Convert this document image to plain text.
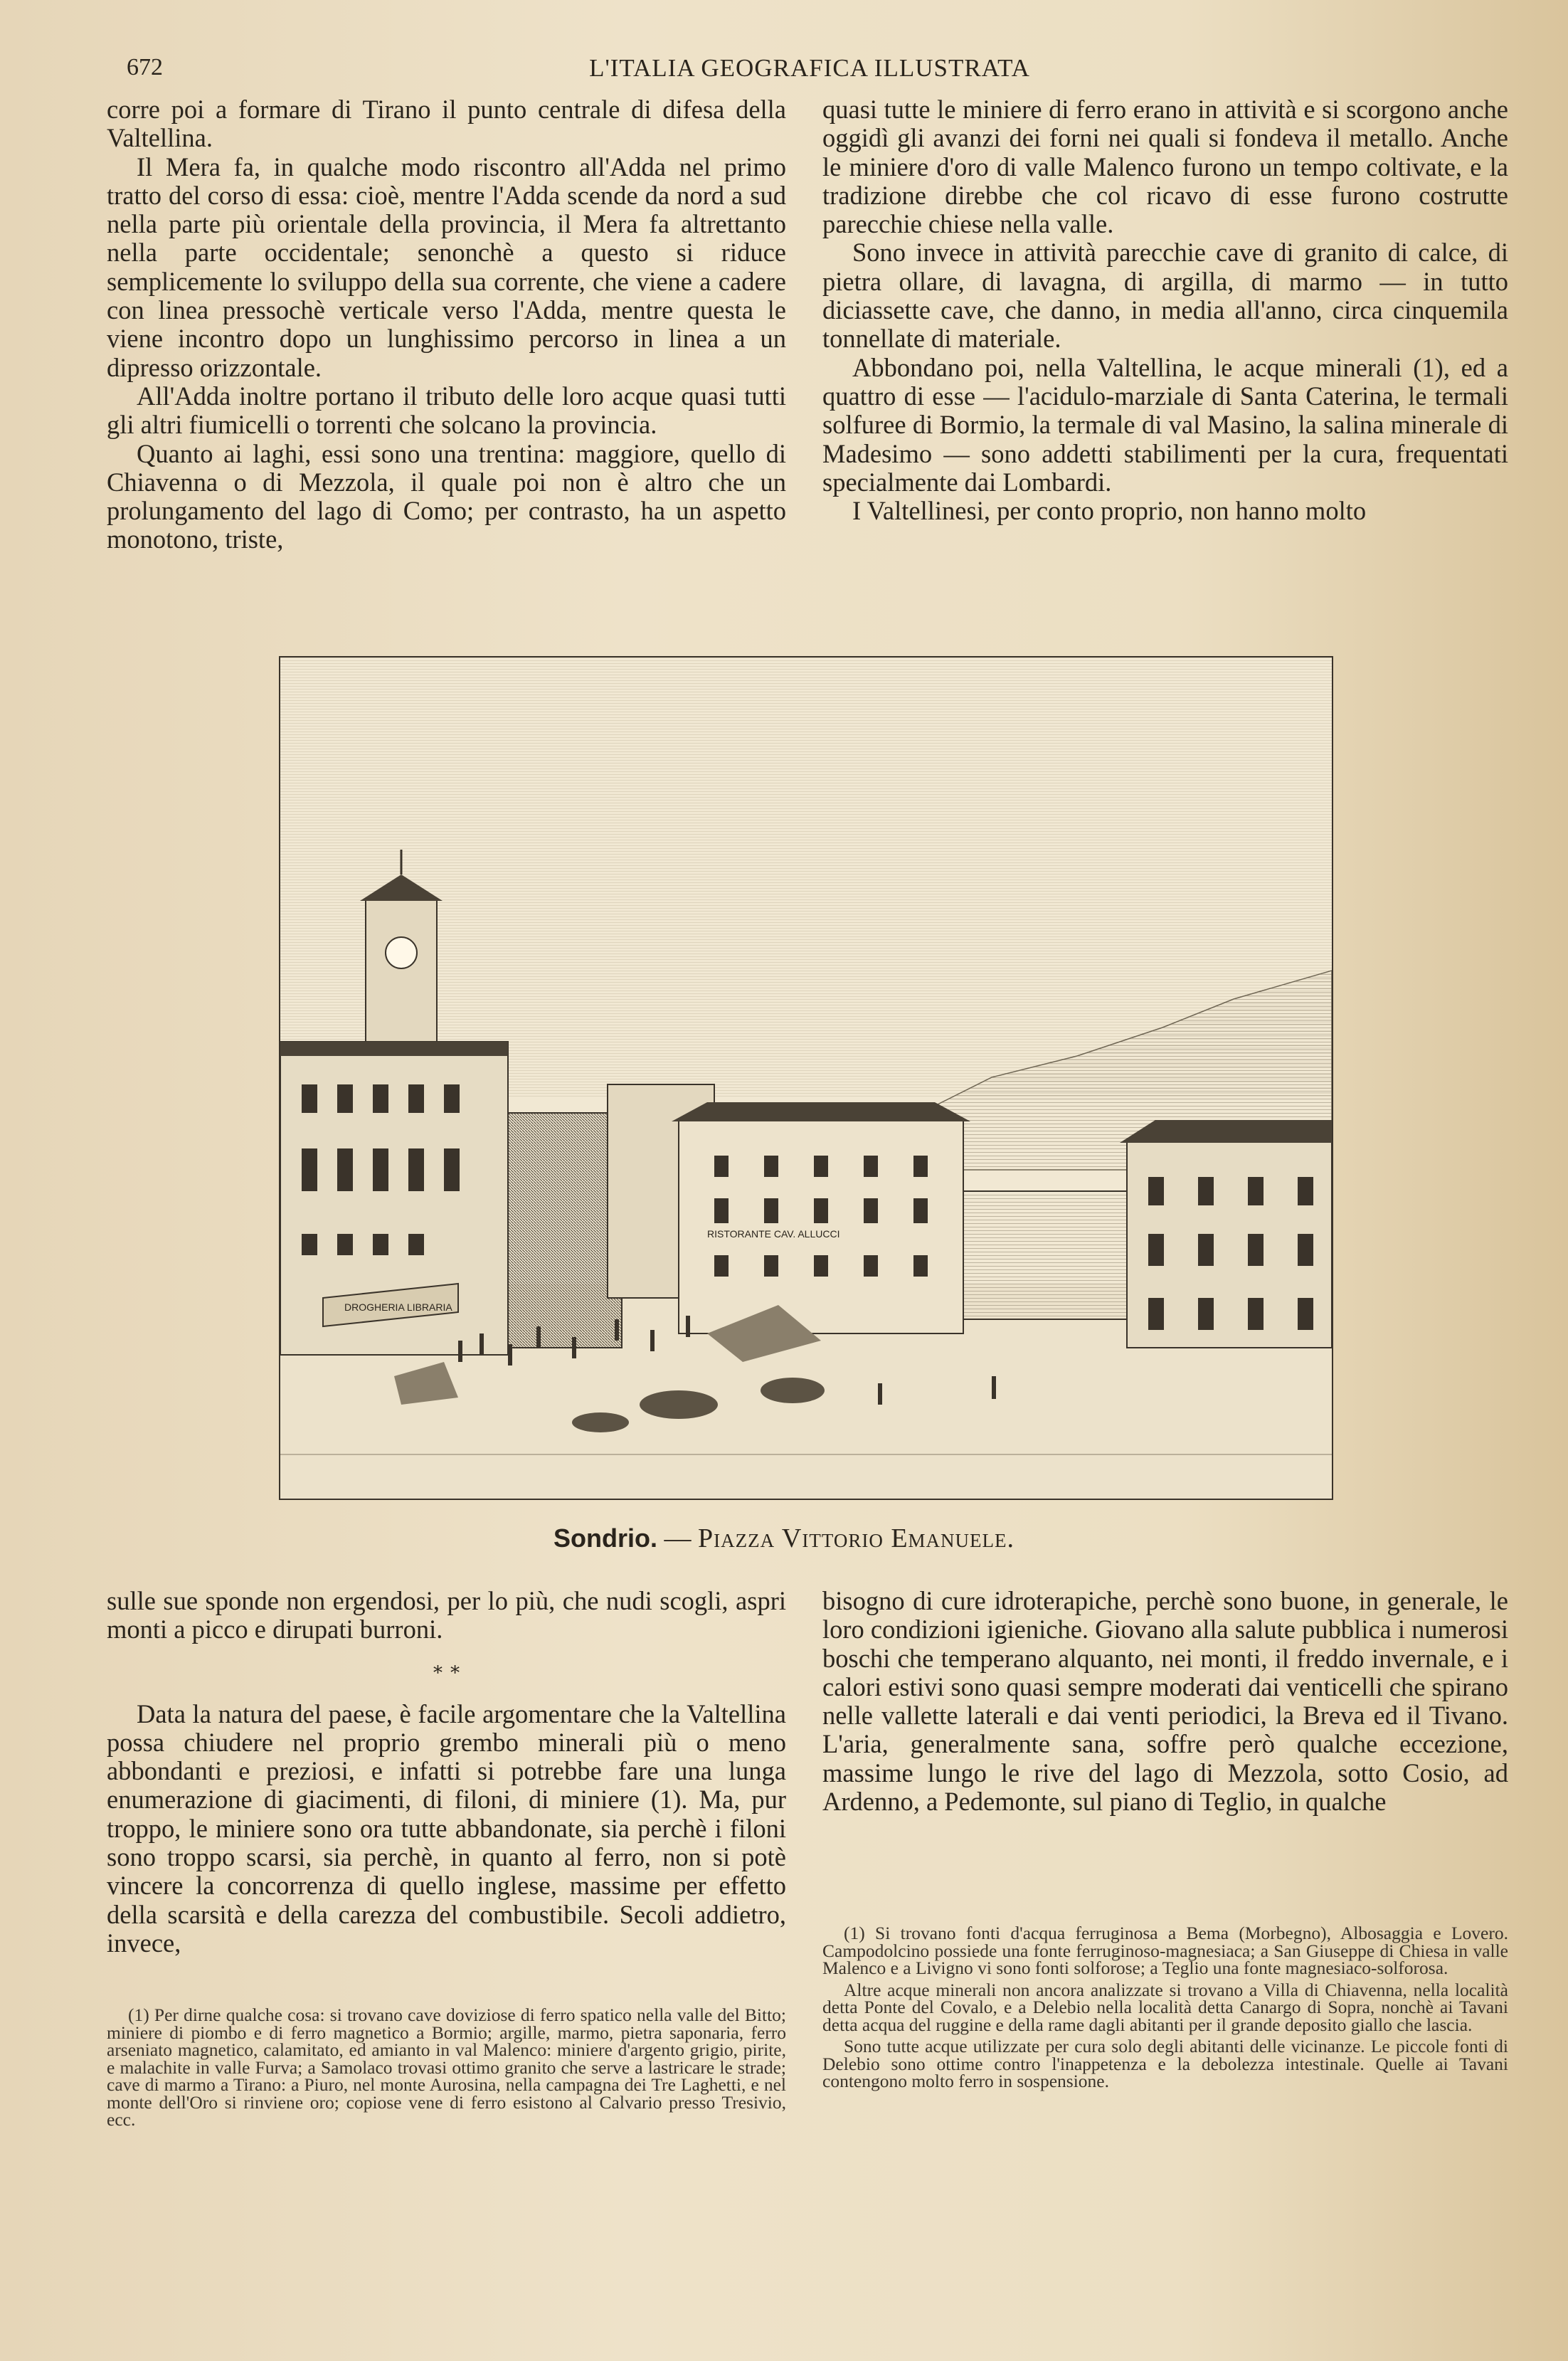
672	L'ITALIA GEOGRAFICA ILLUSTRATA

corre poi a formare di Tirano il punto centrale di difesa della Valtellina.

Il Mera fa, in qualche modo riscontro all'Adda nel primo tratto del corso di essa: cioè, mentre l'Adda scende da nord a sud nella parte più orientale della provincia, il Mera fa altrettanto nella parte occidentale; senonchè a questo si riduce semplicemente lo sviluppo della sua corrente, che viene a cadere con linea pressochè verticale verso l'Adda, mentre questa le viene incontro dopo un lunghissimo percorso in linea a un dipresso orizzontale.

All'Adda inoltre portano il tributo delle loro acque quasi tutti gli altri fiumicelli o torrenti che solcano la provincia.

Quanto ai laghi, essi sono una trentina: maggiore, quello di Chiavenna o di Mezzola, il quale poi non è altro che un prolungamento del lago di Como; per contrasto, ha un aspetto monotono, triste,

quasi tutte le miniere di ferro erano in attività e si scorgono anche oggidì gli avanzi dei forni nei quali si fondeva il metallo. Anche le miniere d'oro di valle Malenco furono un tempo coltivate, e la tradizione direbbe che col ricavo di esse furono costrutte parecchie chiese nella valle.

Sono invece in attività parecchie cave di granito di calce, di pietra ollare, di lavagna, di argilla, di marmo — in tutto diciassette cave, che danno, in media all'anno, circa cinquemila tonnellate di materiale.

Abbondano poi, nella Valtellina, le acque minerali (1), ed a quattro di esse — l'acidulo-marziale di Santa Caterina, le termali solfuree di Bormio, la termale di val Masino, la salina minerale di Madesimo — sono addetti stabilimenti per la cura, frequentati specialmente dai Lombardi.

I Valtellinesi, per conto proprio, non hanno molto

DROGHERIA LIBRARIA
RISTORANTE CAV. ALLUCCI
Sondrio. — Piazza Vittorio Emanuele.

sulle sue sponde non ergendosi, per lo più, che nudi scogli, aspri monti a picco e dirupati burroni.

∗ ∗

Data la natura del paese, è facile argomentare che la Valtellina possa chiudere nel proprio grembo minerali più o meno abbondanti e preziosi, e infatti si potrebbe fare una lunga enumerazione di giacimenti, di filoni, di miniere (1). Ma, pur troppo, le miniere sono ora tutte abbandonate, sia perchè i filoni sono troppo scarsi, sia perchè, in quanto al ferro, non si potè vincere la concorrenza di quello inglese, massime per effetto della scarsità e della carezza del combustibile. Secoli addietro, invece,

bisogno di cure idroterapiche, perchè sono buone, in generale, le loro condizioni igieniche. Giovano alla salute pubblica i numerosi boschi che temperano alquanto, nei monti, il freddo invernale, e i calori estivi sono quasi sempre moderati dai venticelli che spirano nelle vallette laterali e dai venti periodici, la Breva ed il Tivano. L'aria, generalmente sana, soffre però qualche eccezione, massime lungo le rive del lago di Mezzola, sotto Cosio, ad Ardenno, a Pedemonte, sul piano di Teglio, in qualche

(1) Per dirne qualche cosa: si trovano cave doviziose di ferro spatico nella valle del Bitto; miniere di piombo e di ferro magnetico a Bormio; argille, marmo, pietra saponaria, ferro arseniato magnetico, calamitato, ed amianto in val Malenco: miniere d'argento grigio, pirite, e malachite in valle Furva; a Samolaco trovasi ottimo granito che serve a lastricare le strade; cave di marmo a Tirano: a Piuro, nel monte Aurosina, nella campagna dei Tre Laghetti, e nel monte dell'Oro si rinviene oro; copiose vene di ferro esistono al Calvario presso Tresivio, ecc.

(1) Si trovano fonti d'acqua ferruginosa a Bema (Morbegno), Albosaggia e Lovero. Campodolcino possiede una fonte ferruginoso-magnesiaca; a San Giuseppe di Chiesa in valle Malenco e a Livigno vi sono fonti solforose; a Teglio una fonte magnesiaco-solforosa.

Altre acque minerali non ancora analizzate si trovano a Villa di Chiavenna, nella località detta Ponte del Covalo, e a Delebio nella località detta Canargo di Sopra, nonchè ai Tavani detta acqua del ruggine e della rame dagli abitanti per il grande deposito giallo che lascia.

Sono tutte acque utilizzate per cura solo degli abitanti delle vicinanze. Le piccole fonti di Delebio sono ottime contro l'inappetenza e la debolezza intestinale. Quelle ai Tavani contengono molto ferro in sospensione.
